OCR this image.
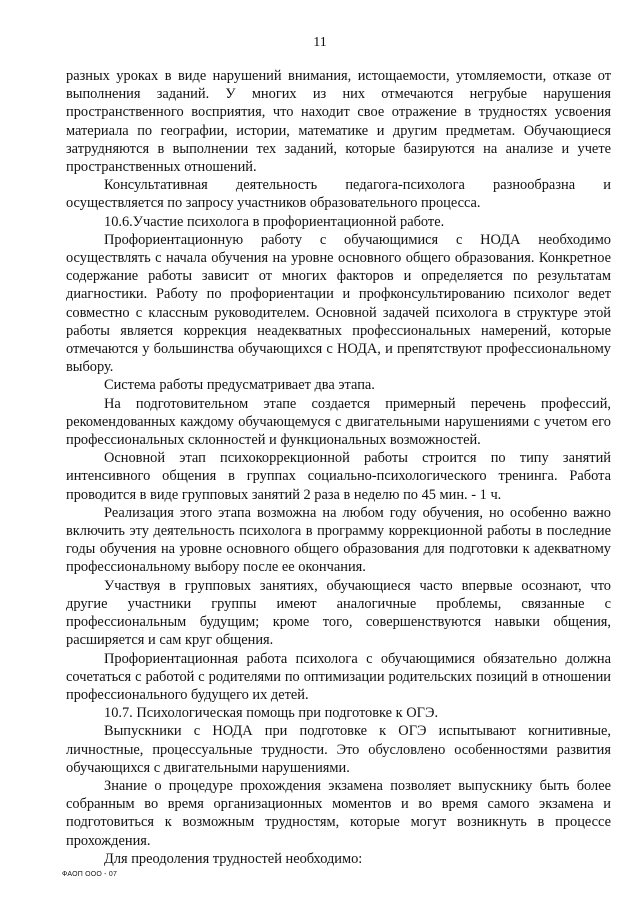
11

разных уроках в виде нарушений внимания, истощаемости, утомляемости, отказе от выполнения заданий. У многих из них отмечаются негрубые нарушения пространственного восприятия, что находит свое отражение в трудностях усвоения материала по географии, истории, математике и другим предметам. Обучающиеся затрудняются в выполнении тех заданий, которые базируются на анализе и учете пространственных отношений.

Консультативная деятельность педагога-психолога разнообразна и осуществляется по запросу участников образовательного процесса.

10.6.Участие психолога в профориентационной работе.

Профориентационную работу с обучающимися с НОДА необходимо осуществлять с начала обучения на уровне основного общего образования. Конкретное содержание работы зависит от многих факторов и определяется по результатам диагностики. Работу по профориентации и профконсультированию психолог ведет совместно с классным руководителем. Основной задачей психолога в структуре этой работы является коррекция неадекватных профессиональных намерений, которые отмечаются у большинства обучающихся с НОДА, и препятствуют профессиональному выбору.

Система работы предусматривает два этапа.

На подготовительном этапе создается примерный перечень профессий, рекомендованных каждому обучающемуся с двигательными нарушениями с учетом его профессиональных склонностей и функциональных возможностей.

Основной этап психокоррекционной работы строится по типу занятий интенсивного общения в группах социально-психологического тренинга. Работа проводится в виде групповых занятий 2 раза в неделю по 45 мин. - 1 ч.

Реализация этого этапа возможна на любом году обучения, но особенно важно включить эту деятельность психолога в программу коррекционной работы в последние годы обучения на уровне основного общего образования для подготовки к адекватному профессиональному выбору после ее окончания.

Участвуя в групповых занятиях, обучающиеся часто впервые осознают, что другие участники группы имеют аналогичные проблемы, связанные с профессиональным будущим; кроме того, совершенствуются навыки общения, расширяется и сам круг общения.

Профориентационная работа психолога с обучающимися обязательно должна сочетаться с работой с родителями по оптимизации родительских позиций в отношении профессионального будущего их детей.

10.7. Психологическая помощь при подготовке к ОГЭ.

Выпускники с НОДА при подготовке к ОГЭ испытывают когнитивные, личностные, процессуальные трудности. Это обусловлено особенностями развития обучающихся с двигательными нарушениями.

Знание о процедуре прохождения экзамена позволяет выпускнику быть более собранным во время организационных моментов и во время самого экзамена и подготовиться к возможным трудностям, которые могут возникнуть в процессе прохождения.

Для преодоления трудностей необходимо:

ФАОП ООО - 07
